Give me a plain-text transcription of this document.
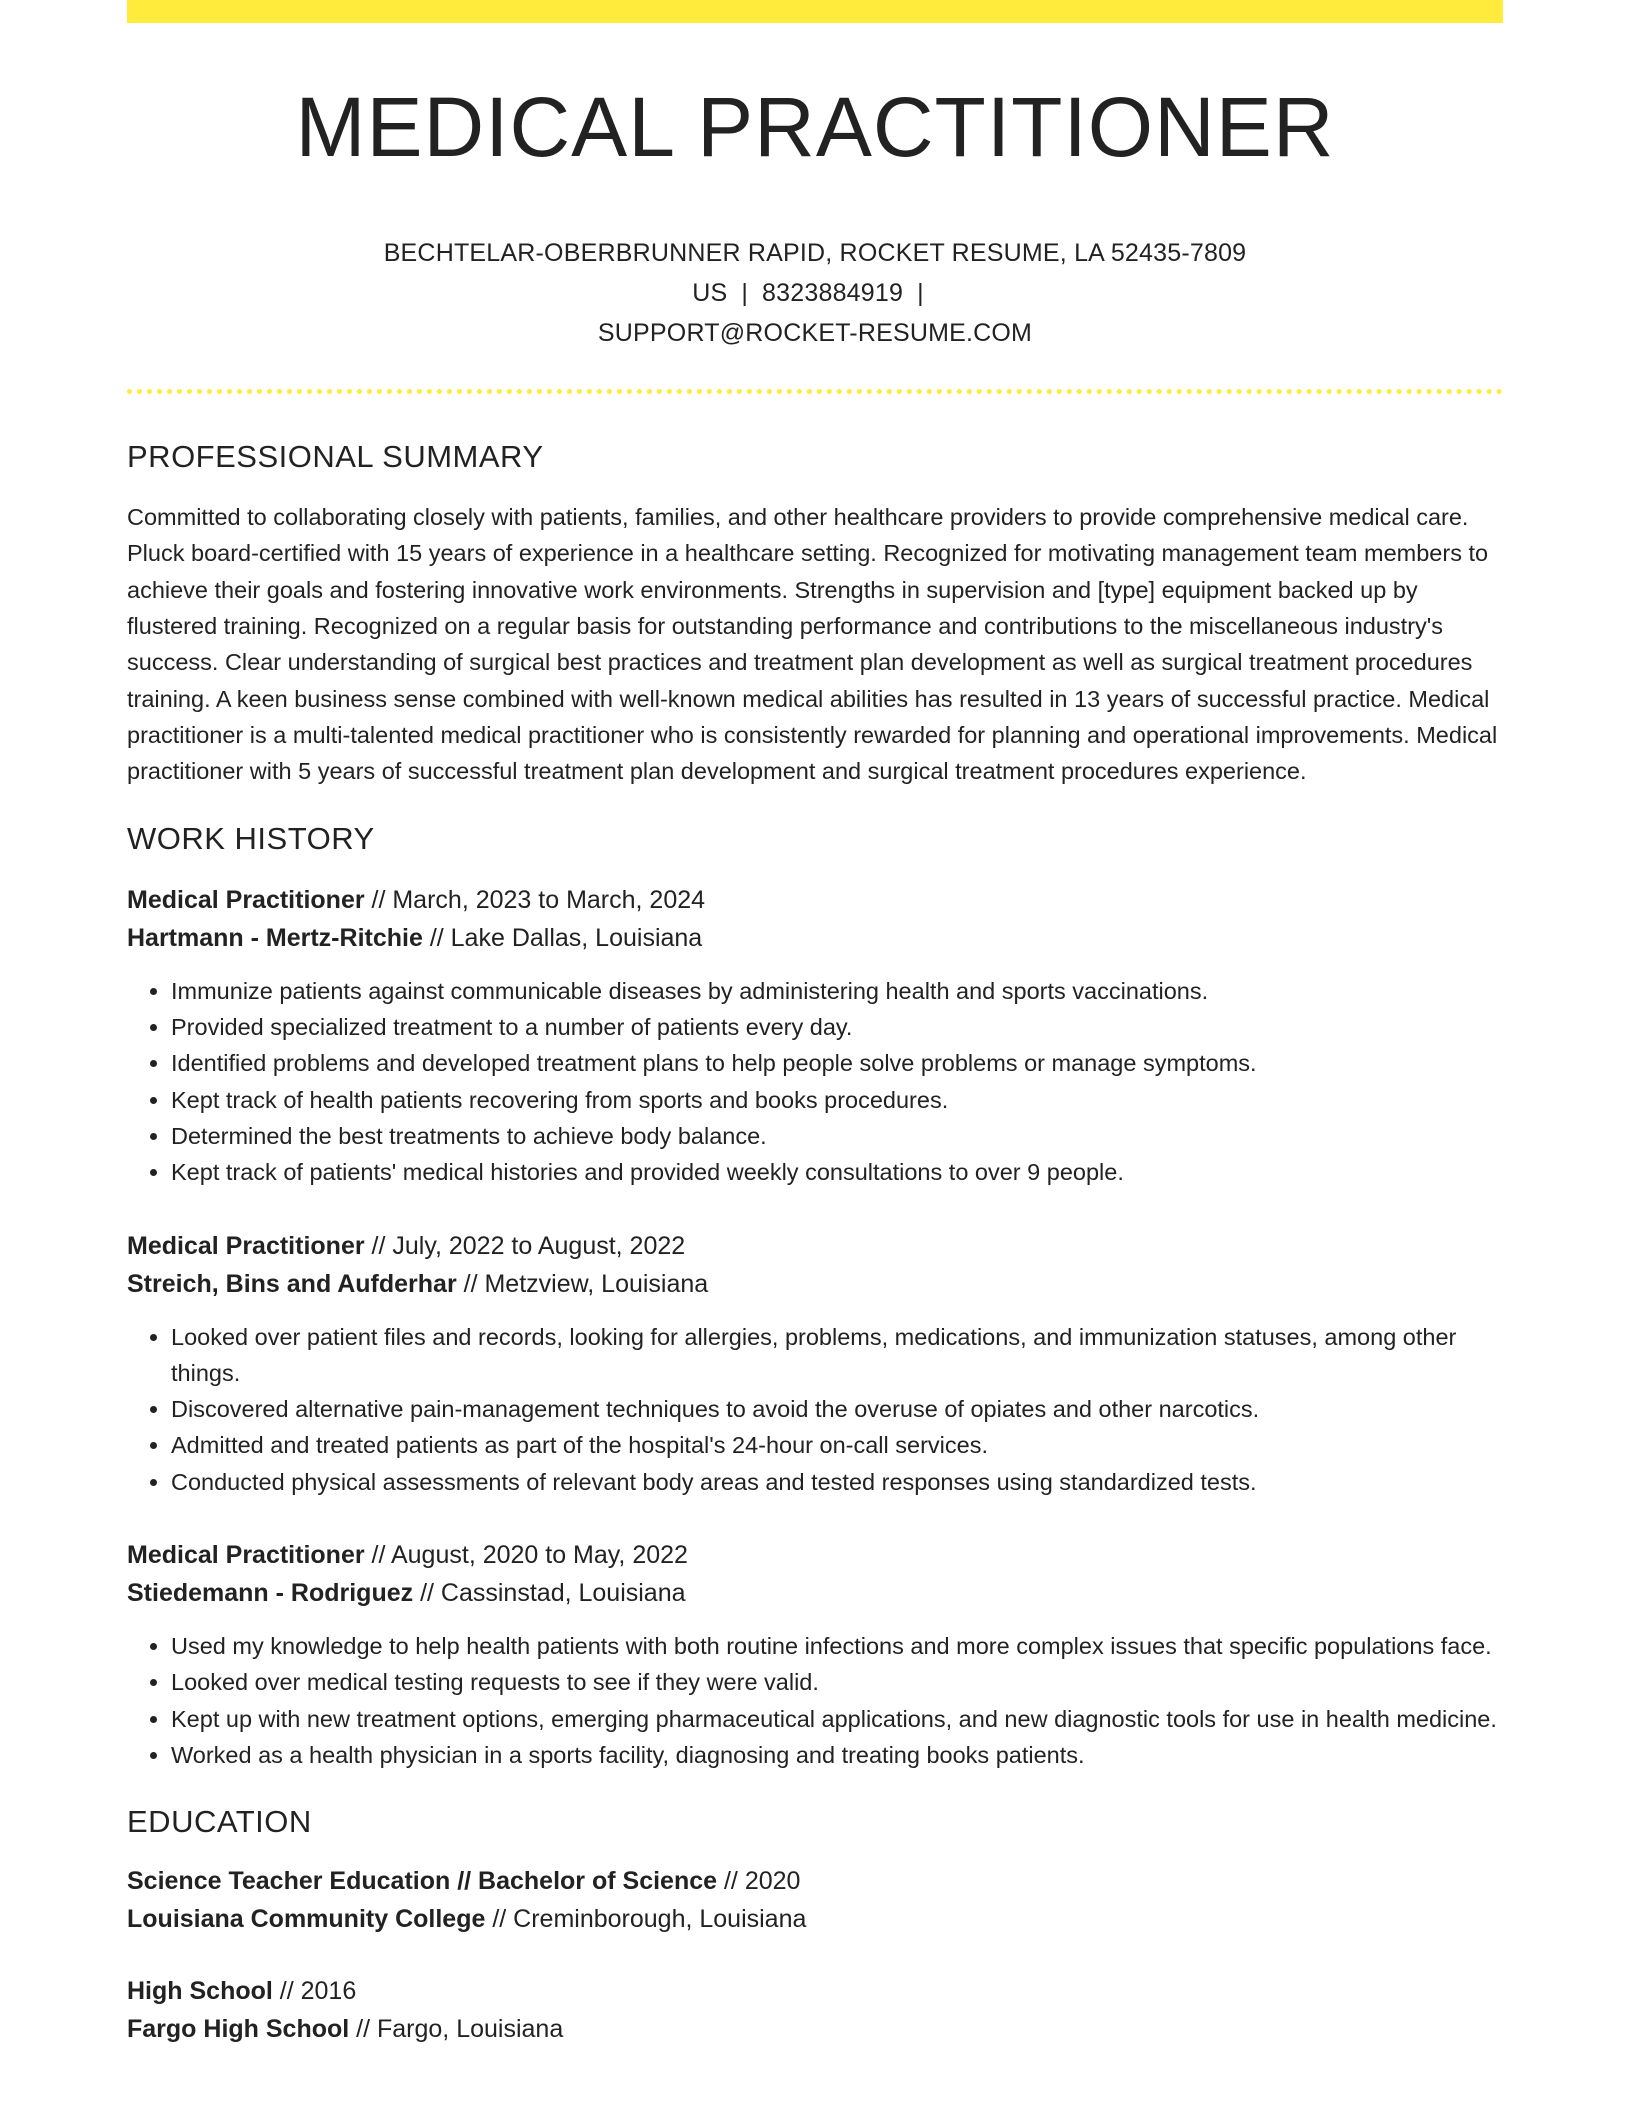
MEDICAL PRACTITIONER
BECHTELAR-OBERBRUNNER RAPID, ROCKET RESUME, LA 52435-7809 US | 8323884919 |
SUPPORT@ROCKET-RESUME.COM
PROFESSIONAL SUMMARY

Committed to collaborating closely with patients, families, and other healthcare providers to provide comprehensive medical care. Pluck board-certified with 15 years of experience in a healthcare setting. Recognized for motivating management team members to achieve their goals and fostering innovative work environments. Strengths in supervision and [type] equipment backed up by flustered training. Recognized on a regular basis for outstanding performance and contributions to the miscellaneous industry's success. Clear understanding of surgical best practices and treatment plan development as well as surgical treatment procedures training. A keen business sense combined with well-known medical abilities has resulted in 13 years of successful practice. Medical practitioner is a multi-talented medical practitioner who is consistently rewarded for planning and operational improvements. Medical practitioner with 5 years of successful treatment plan development and surgical treatment procedures experience.

WORK HISTORY
Medical Practitioner // March, 2023 to March, 2024
Hartmann - Mertz-Ritchie // Lake Dallas, Louisiana
• Immunize patients against communicable diseases by administering health and sports vaccinations.
• Provided specialized treatment to a number of patients every day.
• Identified problems and developed treatment plans to help people solve problems or manage symptoms.
• Kept track of health patients recovering from sports and books procedures.
• Determined the best treatments to achieve body balance.
• Kept track of patients' medical histories and provided weekly consultations to over 9 people.
Medical Practitioner // July, 2022 to August, 2022
Streich, Bins and Aufderhar // Metzview, Louisiana
• Looked over patient files and records, looking for allergies, problems, medications, and immunization statuses, among other things.
• Discovered alternative pain-management techniques to avoid the overuse of opiates and other narcotics.
• Admitted and treated patients as part of the hospital's 24-hour on-call services.
• Conducted physical assessments of relevant body areas and tested responses using standardized tests.
Medical Practitioner // August, 2020 to May, 2022
Stiedemann - Rodriguez // Cassinstad, Louisiana
• Used my knowledge to help health patients with both routine infections and more complex issues that specific populations face.
• Looked over medical testing requests to see if they were valid.
• Kept up with new treatment options, emerging pharmaceutical applications, and new diagnostic tools for use in health medicine.
• Worked as a health physician in a sports facility, diagnosing and treating books patients.
EDUCATION
Science Teacher Education // Bachelor of Science // 2020
Louisiana Community College // Creminborough, Louisiana
High School // 2016
Fargo High School // Fargo, Louisiana
